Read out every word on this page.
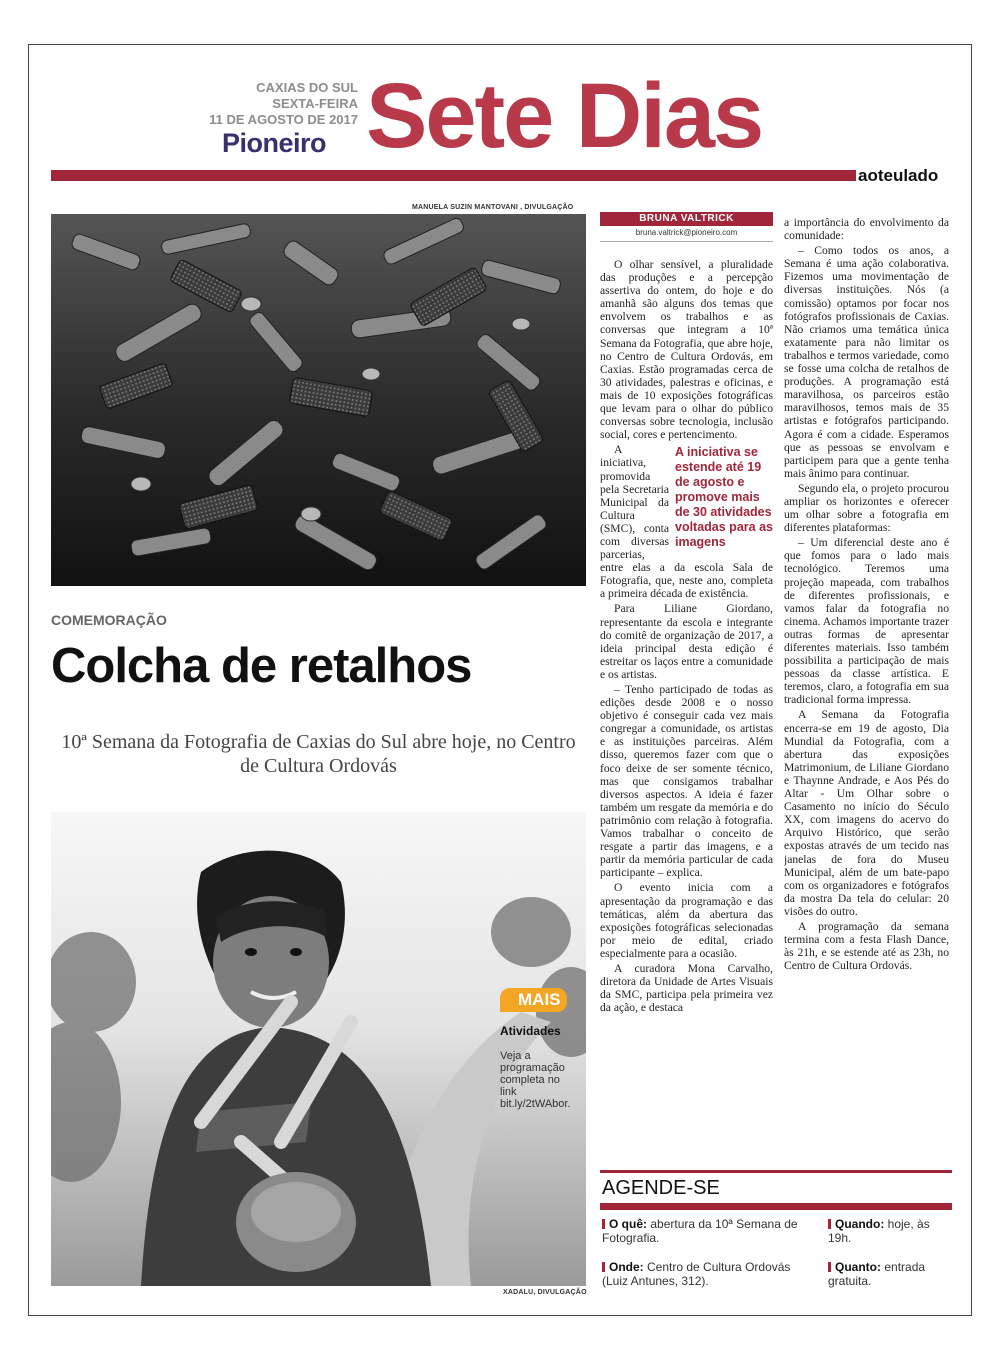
CAXIAS DO SUL
SEXTA-FEIRA
11 DE AGOSTO DE 2017
Pioneiro Sete Dias
aoteulado
MANUELA SUZIN MANTOVANI , DIVULGAÇÃO
COMEMORAÇÃO
Colcha de retalhos
10ª Semana da Fotografia de Caxias do Sul abre hoje, no Centro de Cultura Ordovás
XADALU, DIVULGAÇÃO
MAIS
Atividades
Veja a programação completa no link bit.ly/2tWAbor.
BRUNA VALTRICK
bruna.valtrick@pioneiro.com

O olhar sensível, a pluralidade das produções e a percepção assertiva do ontem, do hoje e do amanhã são alguns dos temas que envolvem os trabalhos e as conversas que integram a 10ª Semana da Fotografia, que abre hoje, no Centro de Cultura Ordovás, em Caxias. Estão programadas cerca de 30 atividades, palestras e oficinas, e mais de 10 exposições fotográficas que levam para o olhar do público conversas sobre tecnologia, inclusão social, cores e pertencimento.

A iniciativa se estende até 19 de agosto e promove mais de 30 atividades voltadas para as imagens

A iniciativa, promovida pela Secretaria Municipal da Cultura (SMC), conta com diversas parcerias, entre elas a da escola Sala de Fotografia, que, neste ano, completa a primeira década de existência.

Para Liliane Giordano, representante da escola e integrante do comitê de organização de 2017, a ideia principal desta edição é estreitar os laços entre a comunidade e os artistas.

– Tenho participado de todas as edições desde 2008 e o nosso objetivo é conseguir cada vez mais congregar a comunidade, os artistas e as instituições parceiras. Além disso, queremos fazer com que o foco deixe de ser somente técnico, mas que consigamos trabalhar diversos aspectos. A ideia é fazer também um resgate da memória e do patrimônio com relação à fotografia. Vamos trabalhar o conceito de resgate a partir das imagens, e a partir da memória particular de cada participante – explica.

O evento inicia com a apresentação da programação e das temáticas, além da abertura das exposições fotográficas selecionadas por meio de edital, criado especialmente para a ocasião.

A curadora Mona Carvalho, diretora da Unidade de Artes Visuais da SMC, participa pela primeira vez da ação, e destaca

a importância do envolvimento da comunidade:

– Como todos os anos, a Semana é uma ação colaborativa. Fizemos uma movimentação de diversas instituições. Nós (a comissão) optamos por focar nos fotógrafos profissionais de Caxias. Não criamos uma temática única exatamente para não limitar os trabalhos e termos variedade, como se fosse uma colcha de retalhos de produções. A programação está maravilhosa, os parceiros estão maravilhosos, temos mais de 35 artistas e fotógrafos participando. Agora é com a cidade. Esperamos que as pessoas se envolvam e participem para que a gente tenha mais ânimo para continuar.

Segundo ela, o projeto procurou ampliar os horizontes e oferecer um olhar sobre a fotografia em diferentes plataformas:

– Um diferencial deste ano é que fomos para o lado mais tecnológico. Teremos uma projeção mapeada, com trabalhos de diferentes profissionais, e vamos falar da fotografia no cinema. Achamos importante trazer outras formas de apresentar diferentes materiais. Isso também possibilita a participação de mais pessoas da classe artística. E teremos, claro, a fotografia em sua tradicional forma impressa.

A Semana da Fotografia encerra-se em 19 de agosto, Dia Mundial da Fotografia, com a abertura das exposições Matrimonium, de Liliane Giordano e Thaynne Andrade, e Aos Pés do Altar - Um Olhar sobre o Casamento no início do Século XX, com imagens do acervo do Arquivo Histórico, que serão expostas através de um tecido nas janelas de fora do Museu Municipal, além de um bate-papo com os organizadores e fotógrafos da mostra Da tela do celular: 20 visões do outro.

A programação da semana termina com a festa Flash Dance, às 21h, e se estende até as 23h, no Centro de Cultura Ordovás.

AGENDE-SE
O quê: abertura da 10ª Semana de Fotografia.
Quando: hoje, às 19h.
Onde: Centro de Cultura Ordovás (Luiz Antunes, 312).
Quanto: entrada gratuita.
